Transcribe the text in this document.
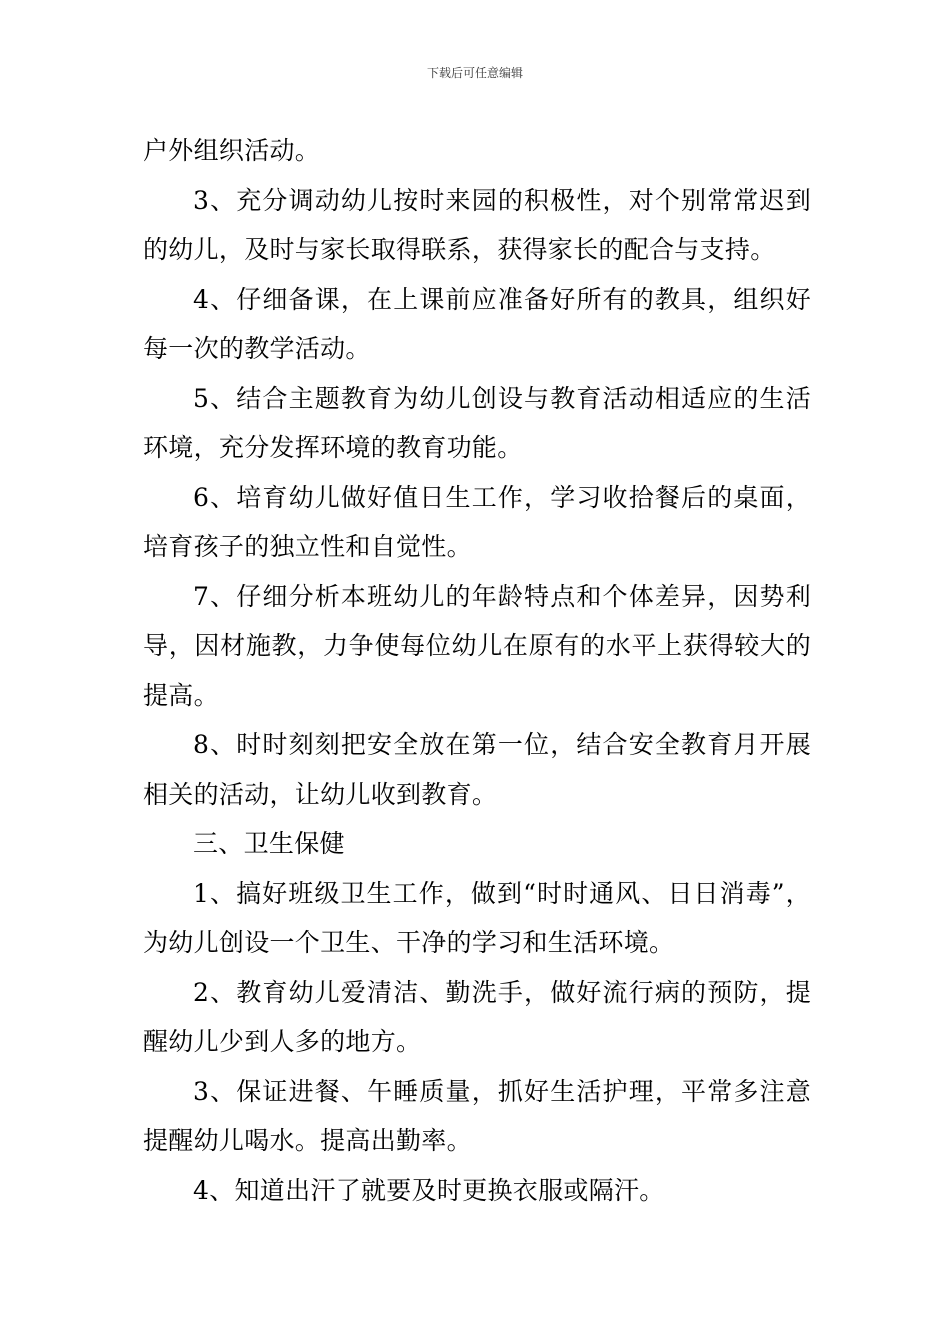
下载后可任意编辑

户外组织活动。

3、充分调动幼儿按时来园的积极性，对个别常常迟到的幼儿，及时与家长取得联系，获得家长的配合与支持。

4、仔细备课，在上课前应准备好所有的教具，组织好每一次的教学活动。

5、结合主题教育为幼儿创设与教育活动相适应的生活环境，充分发挥环境的教育功能。

6、培育幼儿做好值日生工作，学习收拾餐后的桌面，培育孩子的独立性和自觉性。

7、仔细分析本班幼儿的年龄特点和个体差异，因势利导，因材施教，力争使每位幼儿在原有的水平上获得较大的提高。

8、时时刻刻把安全放在第一位，结合安全教育月开展相关的活动，让幼儿收到教育。

三、卫生保健

1、搞好班级卫生工作，做到“时时通风、日日消毒”，为幼儿创设一个卫生、干净的学习和生活环境。

2、教育幼儿爱清洁、勤洗手，做好流行病的预防，提醒幼儿少到人多的地方。

3、保证进餐、午睡质量，抓好生活护理，平常多注意提醒幼儿喝水。提高出勤率。

4、知道出汗了就要及时更换衣服或隔汗。
